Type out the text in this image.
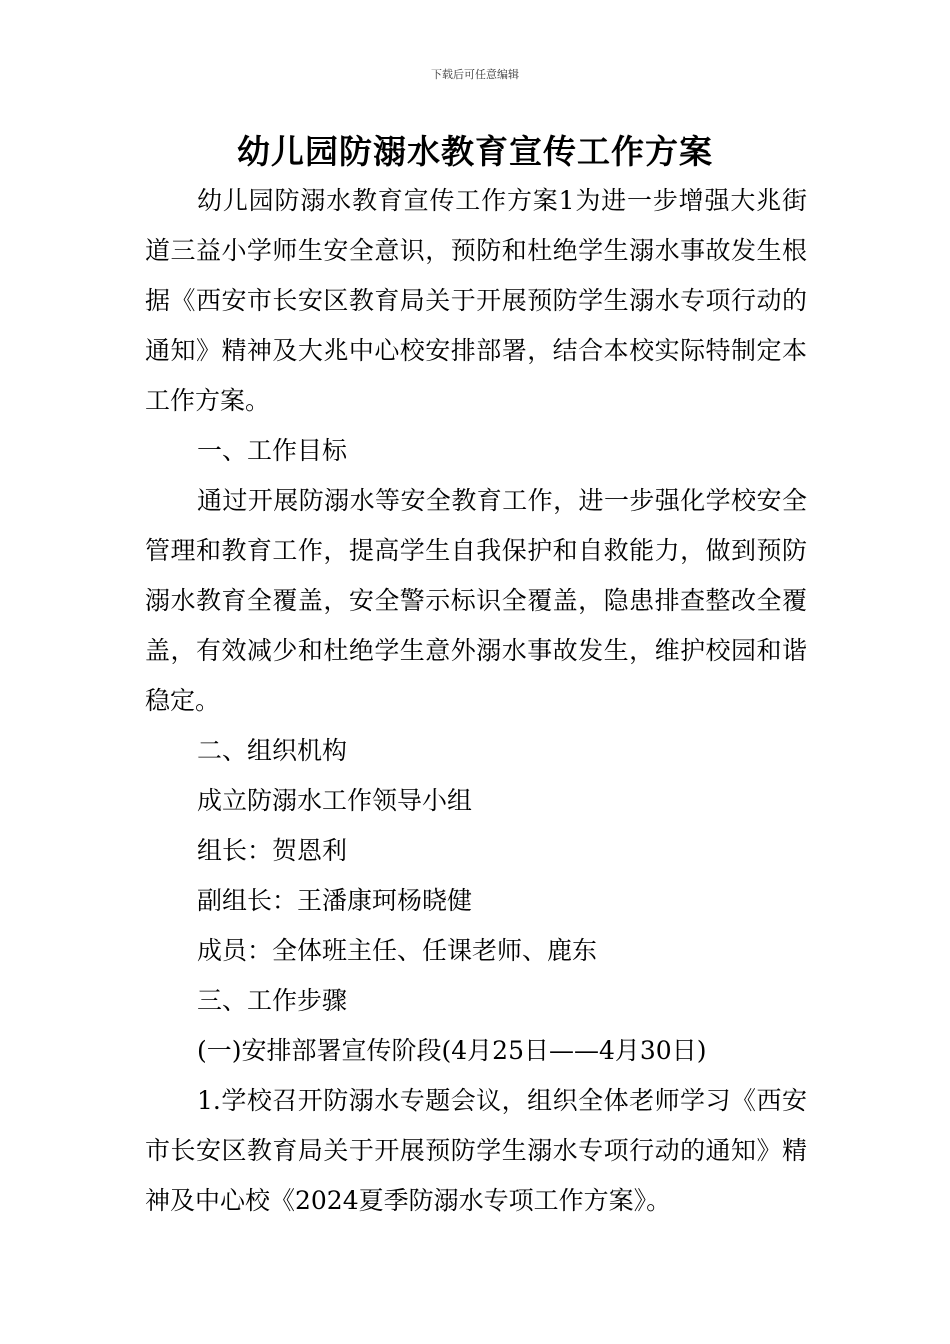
下载后可任意编辑
幼儿园防溺水教育宣传工作方案

幼儿园防溺水教育宣传工作方案1为进一步增强大兆街道三益小学师生安全意识，预防和杜绝学生溺水事故发生根据《西安市长安区教育局关于开展预防学生溺水专项行动的通知》精神及大兆中心校安排部署，结合本校实际特制定本工作方案。

一、工作目标

通过开展防溺水等安全教育工作，进一步强化学校安全管理和教育工作，提高学生自我保护和自救能力，做到预防溺水教育全覆盖，安全警示标识全覆盖，隐患排查整改全覆盖，有效减少和杜绝学生意外溺水事故发生，维护校园和谐稳定。

二、组织机构

成立防溺水工作领导小组

组长：贺恩利

副组长：王潘康珂杨晓健

成员：全体班主任、任课老师、鹿东

三、工作步骤

(一)安排部署宣传阶段(4月25日——4月30日)

1.学校召开防溺水专题会议，组织全体老师学习《西安市长安区教育局关于开展预防学生溺水专项行动的通知》精神及中心校《2024夏季防溺水专项工作方案》。
